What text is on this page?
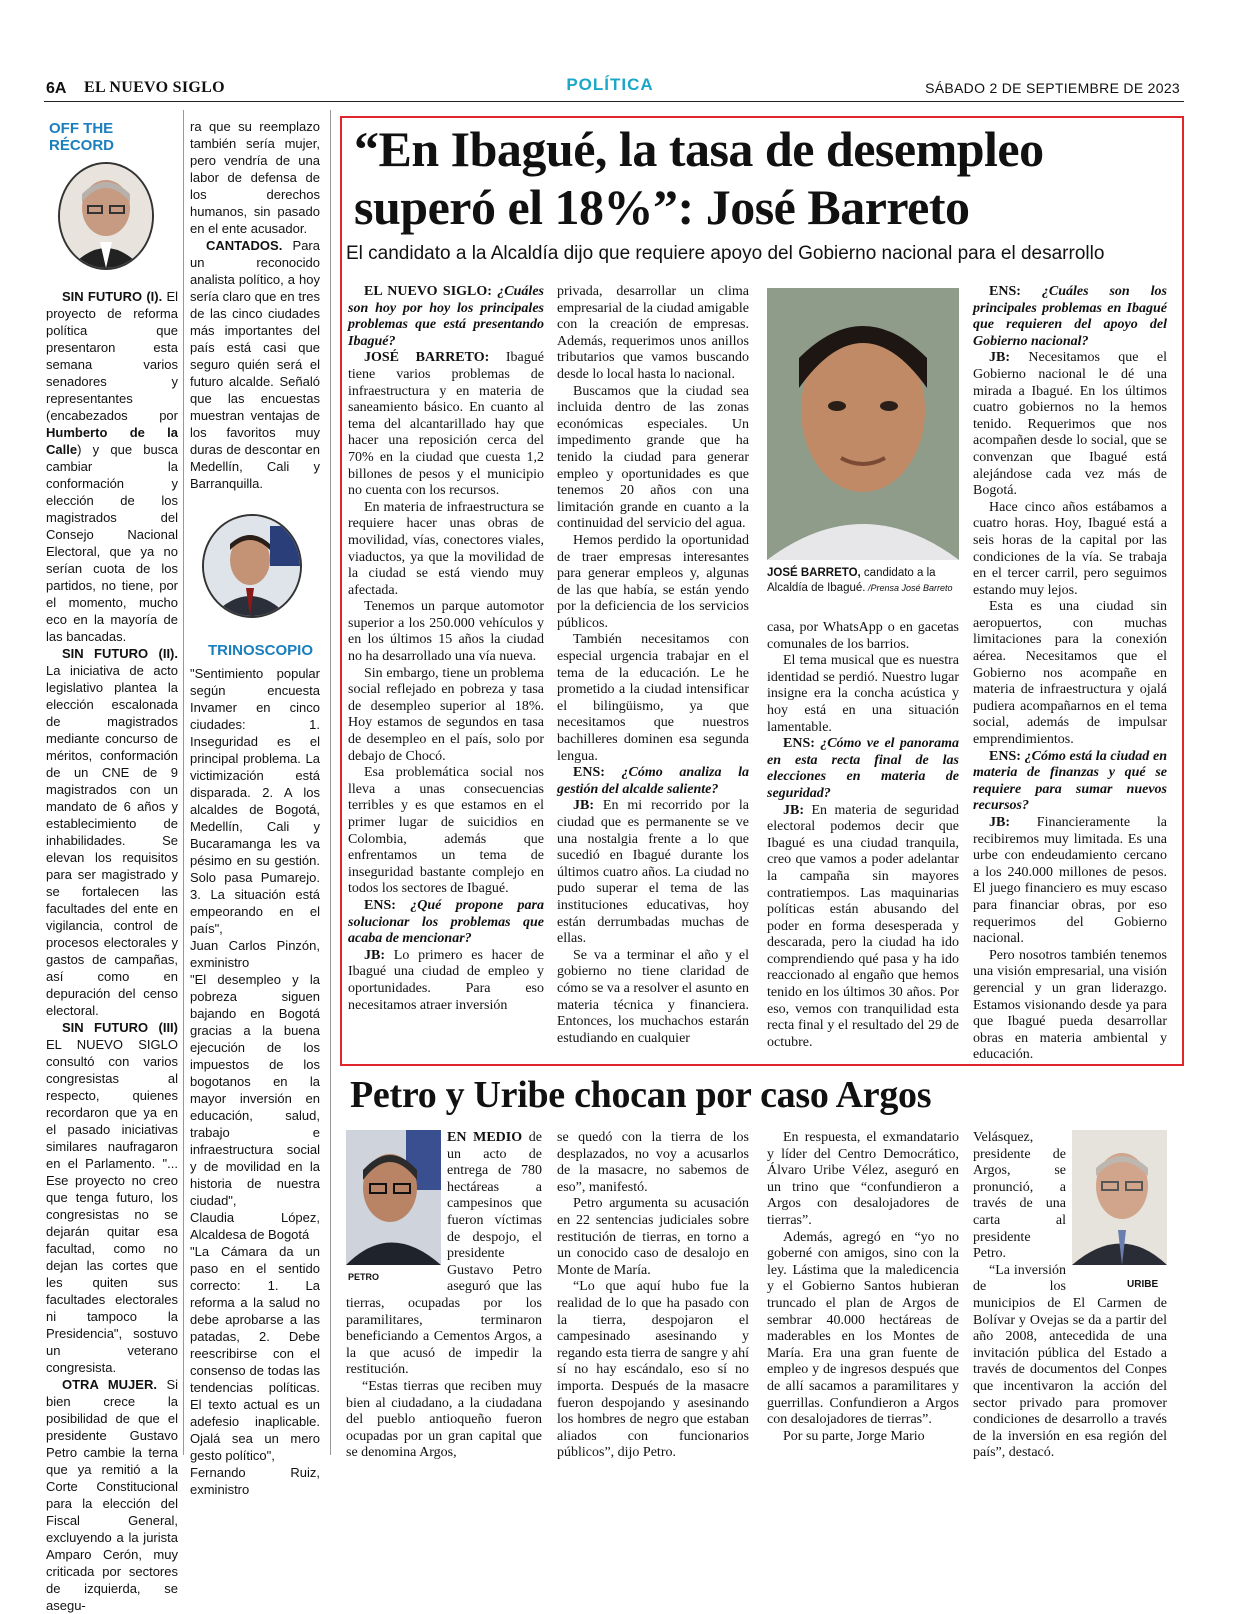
6A EL NUEVO SIGLO	POLÍTICA	SÁBADO 2 DE SEPTIEMBRE DE 2023
OFF THE RÉCORD

SIN FUTURO (I). El proyecto de reforma política que presentaron esta semana varios senadores y representantes (encabezados por Humberto de la Calle) y que busca cambiar la conformación y elección de los magistrados del Consejo Nacional Electoral, que ya no serían cuota de los partidos, no tiene, por el momento, mucho eco en la mayoría de las bancadas.

SIN FUTURO (II). La iniciativa de acto legislativo plantea la elección escalonada de magistrados mediante concurso de méritos, conformación de un CNE de 9 magistrados con un mandato de 6 años y establecimiento de inhabilidades. Se elevan los requisitos para ser magistrado y se fortalecen las facultades del ente en vigilancia, control de procesos electorales y gastos de campañas, así como en depuración del censo electoral.

SIN FUTURO (III) EL NUEVO SIGLO consultó con varios congresistas al respecto, quienes recordaron que ya en el pasado iniciativas similares naufragaron en el Parlamento. "... Ese proyecto no creo que tenga futuro, los congresistas no se dejarán quitar esa facultad, como no dejan las cortes que les quiten sus facultades electorales ni tampoco la Presidencia", sostuvo un veterano congresista.

OTRA MUJER. Si bien crece la posibilidad de que el presidente Gustavo Petro cambie la terna que ya remitió a la Corte Constitucional para la elección del Fiscal General, excluyendo a la jurista Amparo Cerón, muy criticada por sectores de izquierda, se asegu-

ra que su reemplazo también sería mujer, pero vendría de una labor de defensa de los derechos humanos, sin pasado en el ente acusador.

CANTADOS. Para un reconocido analista político, a hoy sería claro que en tres de las cinco ciudades más importantes del país está casi que seguro quién será el futuro alcalde. Señaló que las encuestas muestran ventajas de los favoritos muy duras de descontar en Medellín, Cali y Barranquilla.

TRINOSCOPIO

"Sentimiento popular según encuesta Invamer en cinco ciudades: 1. Inseguridad es el principal problema. La victimización está disparada. 2. A los alcaldes de Bogotá, Medellín, Cali y Bucaramanga les va pésimo en su gestión. Solo pasa Pumarejo. 3. La situación está empeorando en el país",

Juan Carlos Pinzón, exministro

"El desempleo y la pobreza siguen bajando en Bogotá gracias a la buena ejecución de los impuestos de los bogotanos en la mayor inversión en educación, salud, trabajo e infraestructura social y de movilidad en la historia de nuestra ciudad",

Claudia López, Alcaldesa de Bogotá

"La Cámara da un paso en el sentido correcto: 1. La reforma a la salud no debe aprobarse a las patadas, 2. Debe reescribirse con el consenso de todas las tendencias políticas. El texto actual es un adefesio inaplicable. Ojalá sea un mero gesto político",

Fernando Ruiz, exministro

“En Ibagué, la tasa de desempleo superó el 18%”: José Barreto
El candidato a la Alcaldía dijo que requiere apoyo del Gobierno nacional para el desarrollo

EL NUEVO SIGLO: ¿Cuáles son hoy por hoy los principales problemas que está presentando Ibagué?

JOSÉ BARRETO: Ibagué tiene varios problemas de infraestructura y en materia de saneamiento básico. En cuanto al tema del alcantarillado hay que hacer una reposición cerca del 70% en la ciudad que cuesta 1,2 billones de pesos y el municipio no cuenta con los recursos.

En materia de infraestructura se requiere hacer unas obras de movilidad, vías, conectores viales, viaductos, ya que la movilidad de la ciudad se está viendo muy afectada.

Tenemos un parque automotor superior a los 250.000 vehículos y en los últimos 15 años la ciudad no ha desarrollado una vía nueva.

Sin embargo, tiene un problema social reflejado en pobreza y tasa de desempleo superior al 18%. Hoy estamos de segundos en tasa de desempleo en el país, solo por debajo de Chocó.

Esa problemática social nos lleva a unas consecuencias terribles y es que estamos en el primer lugar de suicidios en Colombia, además que enfrentamos un tema de inseguridad bastante complejo en todos los sectores de Ibagué.

ENS: ¿Qué propone para solucionar los problemas que acaba de mencionar?

JB: Lo primero es hacer de Ibagué una ciudad de empleo y oportunidades. Para eso necesitamos atraer inversión

privada, desarrollar un clima empresarial de la ciudad amigable con la creación de empresas. Además, requerimos unos anillos tributarios que vamos buscando desde lo local hasta lo nacional.

Buscamos que la ciudad sea incluida dentro de las zonas económicas especiales. Un impedimento grande que ha tenido la ciudad para generar empleo y oportunidades es que tenemos 20 años con una limitación grande en cuanto a la continuidad del servicio del agua.

Hemos perdido la oportunidad de traer empresas interesantes para generar empleos y, algunas de las que había, se están yendo por la deficiencia de los servicios públicos.

También necesitamos con especial urgencia trabajar en el tema de la educación. Le he prometido a la ciudad intensificar el bilingüismo, ya que necesitamos que nuestros bachilleres dominen esa segunda lengua.

ENS: ¿Cómo analiza la gestión del alcalde saliente?

JB: En mi recorrido por la ciudad que es permanente se ve una nostalgia frente a lo que sucedió en Ibagué durante los últimos cuatro años. La ciudad no pudo superar el tema de las instituciones educativas, hoy están derrumbadas muchas de ellas.

Se va a terminar el año y el gobierno no tiene claridad de cómo se va a resolver el asunto en materia técnica y financiera. Entonces, los muchachos estarán estudiando en cualquier

JOSÉ BARRETO, candidato a la Alcaldía de Ibagué. /Prensa José Barreto

casa, por WhatsApp o en gacetas comunales de los barrios.

El tema musical que es nuestra identidad se perdió. Nuestro lugar insigne era la concha acústica y hoy está en una situación lamentable.

ENS: ¿Cómo ve el panorama en esta recta final de las elecciones en materia de seguridad?

JB: En materia de seguridad electoral podemos decir que Ibagué es una ciudad tranquila, creo que vamos a poder adelantar la campaña sin mayores contratiempos. Las maquinarias políticas están abusando del poder en forma desesperada y descarada, pero la ciudad ha ido comprendiendo qué pasa y ha ido reaccionado al engaño que hemos tenido en los últimos 30 años. Por eso, vemos con tranquilidad esta recta final y el resultado del 29 de octubre.

ENS: ¿Cuáles son los principales problemas en Ibagué que requieren del apoyo del Gobierno nacional?

JB: Necesitamos que el Gobierno nacional le dé una mirada a Ibagué. En los últimos cuatro gobiernos no la hemos tenido. Requerimos que nos acompañen desde lo social, que se convenzan que Ibagué está alejándose cada vez más de Bogotá.

Hace cinco años estábamos a cuatro horas. Hoy, Ibagué está a seis horas de la capital por las condiciones de la vía. Se trabaja en el tercer carril, pero seguimos estando muy lejos.

Esta es una ciudad sin aeropuertos, con muchas limitaciones para la conexión aérea. Necesitamos que el Gobierno nos acompañe en materia de infraestructura y ojalá pudiera acompañarnos en el tema social, además de impulsar emprendimientos.

ENS: ¿Cómo está la ciudad en materia de finanzas y qué se requiere para sumar nuevos recursos?

JB: Financieramente la recibiremos muy limitada. Es una urbe con endeudamiento cercano a los 240.000 millones de pesos. El juego financiero es muy escaso para financiar obras, por eso requerimos del Gobierno nacional.

Pero nosotros también tenemos una visión empresarial, una visión gerencial y un gran liderazgo. Estamos visionando desde ya para que Ibagué pueda desarrollar obras en materia ambiental y educación.

Petro y Uribe chocan por caso Argos

EN MEDIO de un acto de entrega de 780 hectáreas a campesinos que fueron víctimas de despojo, el presidente Gustavo Petro aseguró que las tierras, ocupadas por los paramilitares, terminaron beneficiando a Cementos Argos, a la que acusó de impedir la restitución.

“Estas tierras que reciben muy bien al ciudadano, a la ciudadana del pueblo antioqueño fueron ocupadas por un gran capital que se denomina Argos,

PETRO

se quedó con la tierra de los desplazados, no voy a acusarlos de la masacre, no sabemos de eso”, manifestó.

Petro argumenta su acusación en 22 sentencias judiciales sobre restitución de tierras, en torno a un conocido caso de desalojo en Monte de María.

“Lo que aquí hubo fue la realidad de lo que ha pasado con la tierra, despojaron el campesinado asesinando y regando esta tierra de sangre y ahí sí no hay escándalo, eso sí no importa. Después de la masacre fueron despojando y asesinando los hombres de negro que estaban aliados con funcionarios públicos”, dijo Petro.

En respuesta, el exmandatario y líder del Centro Democrático, Álvaro Uribe Vélez, aseguró en un trino que “confundieron a Argos con desalojadores de tierras”.

Además, agregó en “yo no goberné con amigos, sino con la ley. Lástima que la maledicencia y el Gobierno Santos hubieran truncado el plan de Argos de sembrar 40.000 hectáreas de maderables en los Montes de María. Era una gran fuente de empleo y de ingresos después que de allí sacamos a paramilitares y guerrillas. Confundieron a Argos con desalojadores de tierras”.

Por su parte, Jorge Mario

Velásquez, presidente de Argos, se pronunció, a través de una carta al presidente Petro.

“La inversión de los municipios de El Carmen de Bolívar y Ovejas se da a partir del año 2008, antecedida de una invitación pública del Estado a través de documentos del Conpes que incentivaron la acción del sector privado para promover condiciones de desarrollo a través de la inversión en esa región del país”, destacó.

URIBE
